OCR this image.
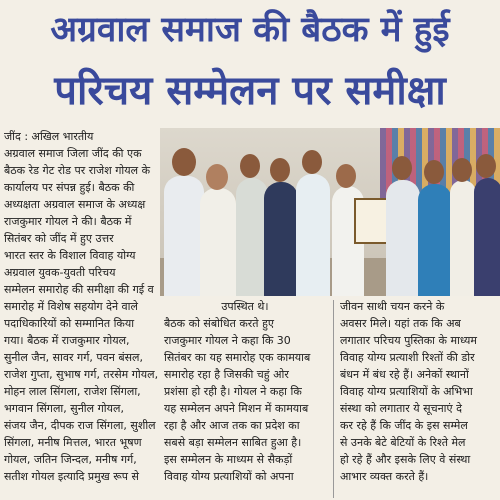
अग्रवाल समाज की बैठक में हुई
परिचय सम्मेलन पर समीक्षा

जींद : अखिल भारतीय

अग्रवाल समाज जिला जींद की एक

बैठक रेड गेट रोड पर राजेश गोयल के

कार्यालय पर संपन्न हुई। बैठक की

अध्यक्षता अग्रवाल समाज के अध्यक्ष

राजकुमार गोयल ने की। बैठक में

सितंबर को जींद में हुए उत्तर

भारत स्तर के विशाल विवाह योग्य

अग्रवाल युवक-युवती परिचय

सम्मेलन समारोह की समीक्षा की गई व

समारोह में विशेष सहयोग देने वाले

पदाधिकारियों को सम्मानित किया

गया। बैठक में राजकुमार गोयल,

सुनील जैन, सावर गर्ग, पवन बंसल,

राजेश गुप्ता, सुभाष गर्ग, तरसेम गोयल,

मोहन लाल सिंगला, राजेश सिंगला,

भगवान सिंगला, सुनील गोयल,

संजय जैन, दीपक राज सिंगला, सुशील

सिंगला, मनीष मित्तल, भारत भूषण

गोयल, जतिन जिन्दल, मनीष गर्ग,

सतीश गोयल इत्यादि प्रमुख रूप से

उपस्थित थे।

बैठक को संबोधित करते हुए

राजकुमार गोयल ने कहा कि 30

सितंबर का यह समारोह एक कामयाब

समारोह रहा है जिसकी चहुं ओर

प्रशंसा हो रही है। गोयल ने कहा कि

यह सम्मेलन अपने मिशन में कामयाब

रहा है और आज तक का प्रदेश का

सबसे बड़ा सम्मेलन साबित हुआ है।

इस सम्मेलन के माध्यम से सैकड़ों

विवाह योग्य प्रत्याशियों को अपना

जीवन साथी चयन करने के

अवसर मिले। यहां तक कि अब

लगातार परिचय पुस्तिका के माध्यम

विवाह योग्य प्रत्याशी रिश्तों की डोर

बंधन में बंध रहे हैं। अनेकों स्थानों

विवाह योग्य प्रत्याशियों के अभिभा

संस्था को लगातार ये सूचनाएं दे

कर रहे हैं कि जींद के इस सम्मेल

से उनके बेटे बेटियों के रिश्ते मेल

हो रहे हैं और इसके लिए वे संस्था

आभार व्यक्त करते हैं।
